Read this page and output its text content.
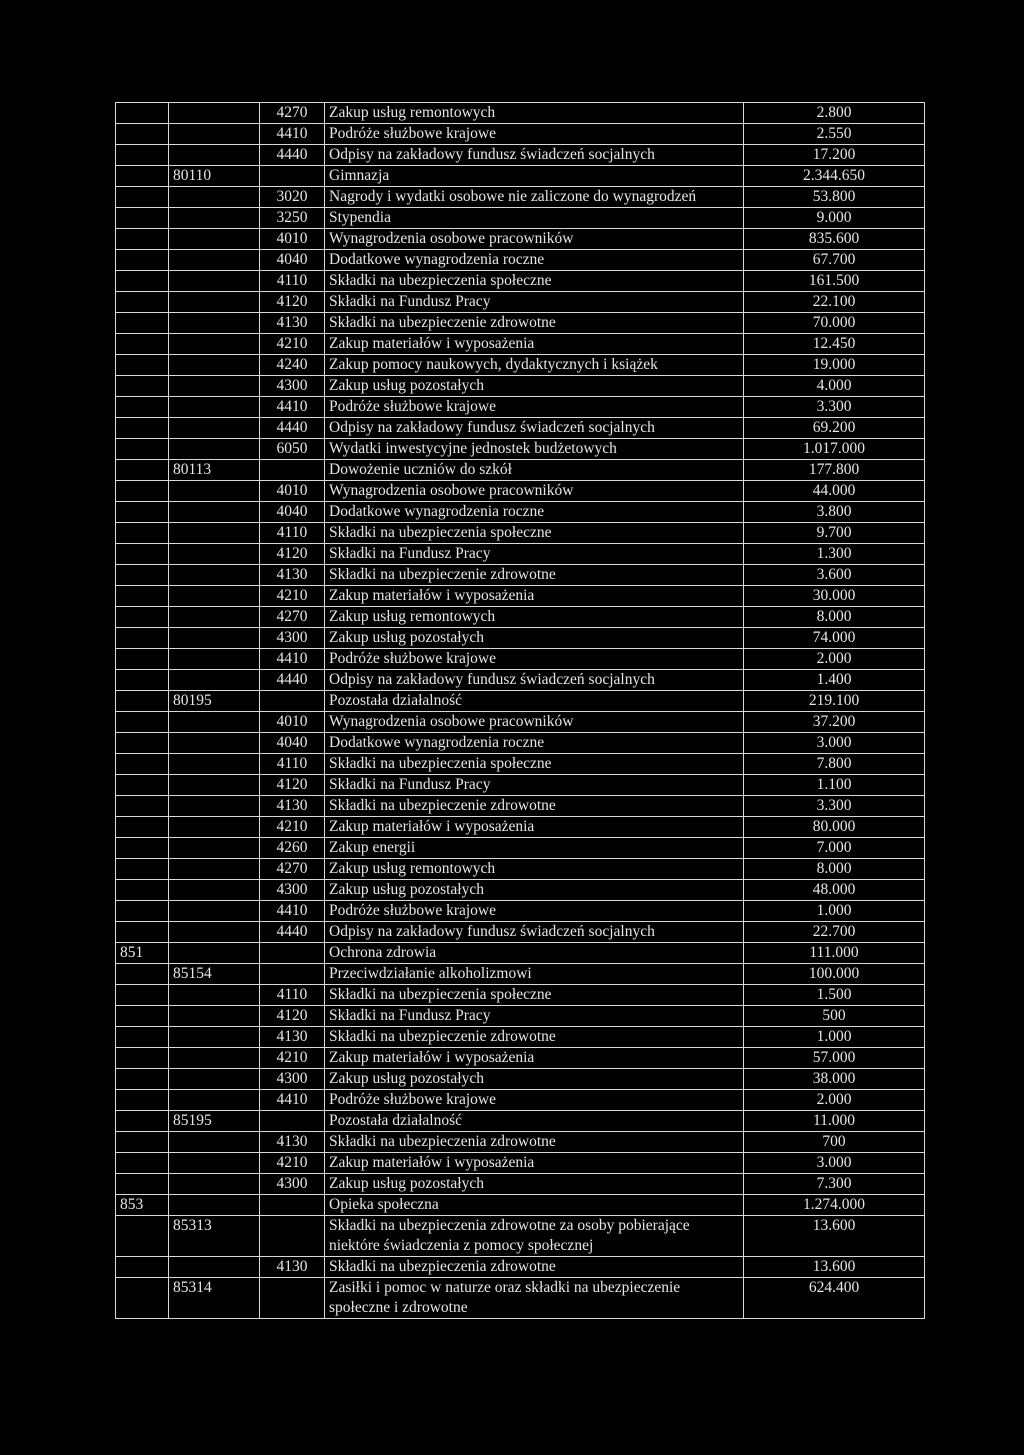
		4270	Zakup usług remontowych	2.800
		4410	Podróże służbowe krajowe	2.550
		4440	Odpisy na zakładowy fundusz świadczeń socjalnych	17.200
	80110		Gimnazja	2.344.650
		3020	Nagrody i wydatki osobowe nie zaliczone do wynagrodzeń	53.800
		3250	Stypendia	9.000
		4010	Wynagrodzenia osobowe pracowników	835.600
		4040	Dodatkowe wynagrodzenia roczne	67.700
		4110	Składki na ubezpieczenia społeczne	161.500
		4120	Składki na Fundusz Pracy	22.100
		4130	Składki na ubezpieczenie zdrowotne	70.000
		4210	Zakup materiałów i wyposażenia	12.450
		4240	Zakup pomocy naukowych, dydaktycznych i książek	19.000
		4300	Zakup usług pozostałych	4.000
		4410	Podróże służbowe krajowe	3.300
		4440	Odpisy na zakładowy fundusz świadczeń socjalnych	69.200
		6050	Wydatki inwestycyjne jednostek budżetowych	1.017.000
	80113		Dowożenie uczniów do szkół	177.800
		4010	Wynagrodzenia osobowe pracowników	44.000
		4040	Dodatkowe wynagrodzenia roczne	3.800
		4110	Składki na ubezpieczenia społeczne	9.700
		4120	Składki na Fundusz Pracy	1.300
		4130	Składki na ubezpieczenie zdrowotne	3.600
		4210	Zakup materiałów i wyposażenia	30.000
		4270	Zakup usług remontowych	8.000
		4300	Zakup usług pozostałych	74.000
		4410	Podróże służbowe krajowe	2.000
		4440	Odpisy na zakładowy fundusz świadczeń socjalnych	1.400
	80195		Pozostała działalność	219.100
		4010	Wynagrodzenia osobowe pracowników	37.200
		4040	Dodatkowe wynagrodzenia roczne	3.000
		4110	Składki na ubezpieczenia społeczne	7.800
		4120	Składki na Fundusz Pracy	1.100
		4130	Składki na ubezpieczenie zdrowotne	3.300
		4210	Zakup materiałów i wyposażenia	80.000
		4260	Zakup energii	7.000
		4270	Zakup usług remontowych	8.000
		4300	Zakup usług pozostałych	48.000
		4410	Podróże służbowe krajowe	1.000
		4440	Odpisy na zakładowy fundusz świadczeń socjalnych	22.700
851			Ochrona zdrowia	111.000
	85154		Przeciwdziałanie alkoholizmowi	100.000
		4110	Składki na ubezpieczenia społeczne	1.500
		4120	Składki na Fundusz Pracy	500
		4130	Składki na ubezpieczenie zdrowotne	1.000
		4210	Zakup materiałów i wyposażenia	57.000
		4300	Zakup usług pozostałych	38.000
		4410	Podróże służbowe krajowe	2.000
	85195		Pozostała działalność	11.000
		4130	Składki na ubezpieczenia zdrowotne	700
		4210	Zakup materiałów i wyposażenia	3.000
		4300	Zakup usług pozostałych	7.300
853			Opieka społeczna	1.274.000
	85313		Składki na ubezpieczenia zdrowotne za osoby pobierające niektóre świadczenia z pomocy społecznej	13.600
		4130	Składki na ubezpieczenia zdrowotne	13.600
	85314		Zasiłki i pomoc w naturze oraz składki na ubezpieczenie społeczne i zdrowotne	624.400
